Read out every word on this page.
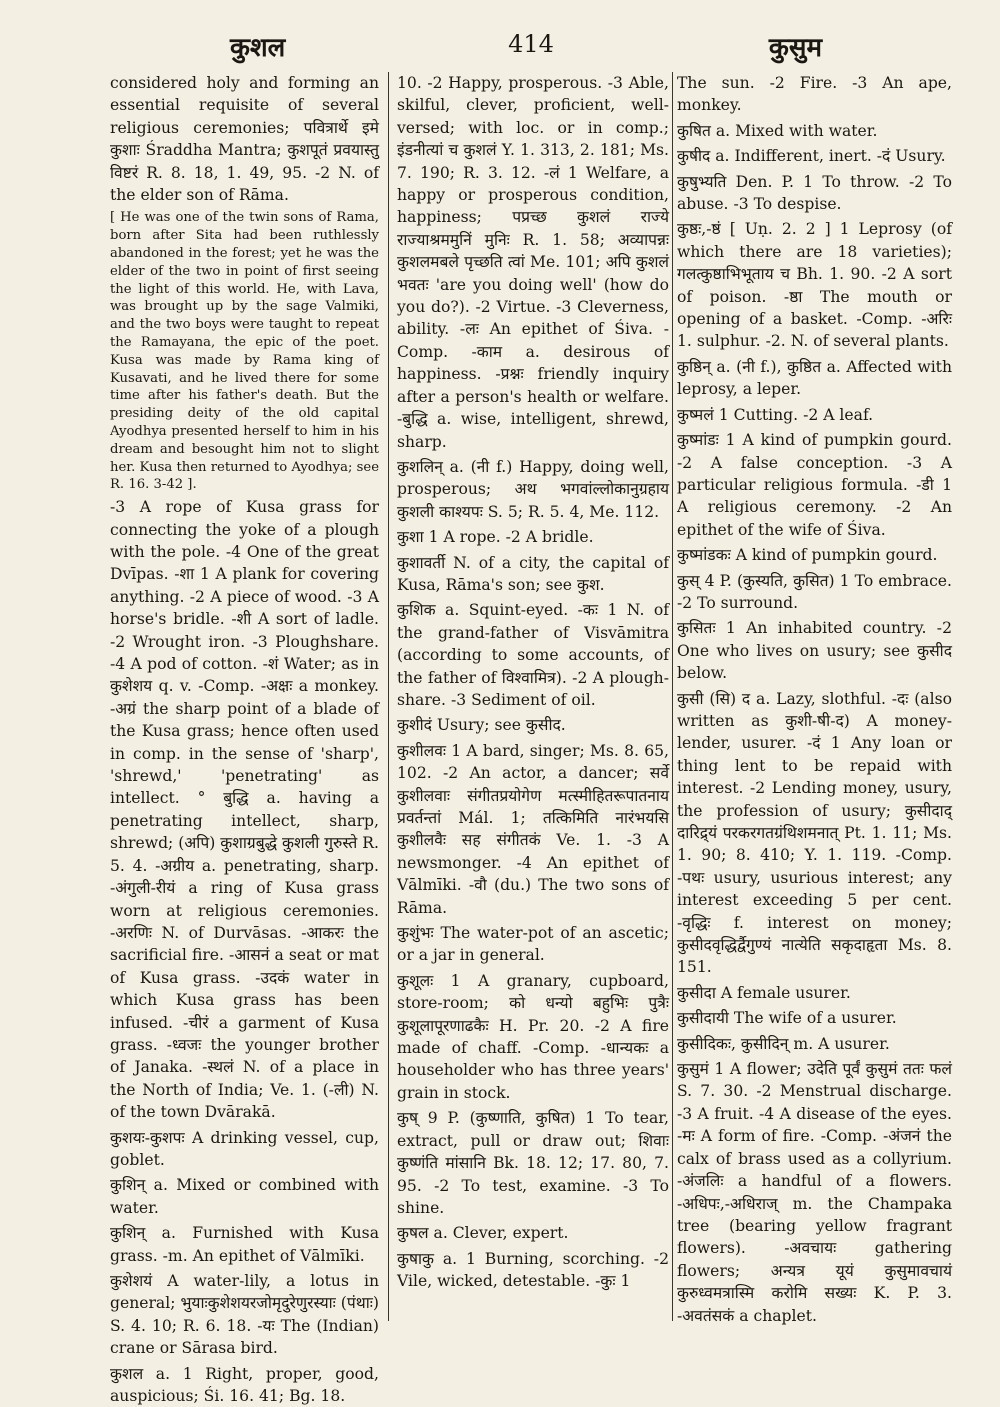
कुशल	414	कुसुम

considered holy and forming an essential requisite of several religious ceremonies; पवित्रार्थे इमे कुशाः Śraddha Mantra; कुशपूतं प्रवयास्तु विष्टरं R. 8. 18, 1. 49, 95. -2 N. of the elder son of Rāma.

[ He was one of the twin sons of Rama, born after Sita had been ruthlessly abandoned in the forest; yet he was the elder of the two in point of first seeing the light of this world. He, with Lava, was brought up by the sage Valmiki, and the two boys were taught to repeat the Ramayana, the epic of the poet. Kusa was made by Rama king of Kusavati, and he lived there for some time after his father's death. But the presiding deity of the old capital Ayodhya presented herself to him in his dream and besought him not to slight her. Kusa then returned to Ayodhya; see R. 16. 3-42 ].

-3 A rope of Kusa grass for connecting the yoke of a plough with the pole. -4 One of the great Dvīpas. -शा 1 A plank for covering anything. -2 A piece of wood. -3 A horse's bridle. -शी A sort of ladle. -2 Wrought iron. -3 Ploughshare. -4 A pod of cotton. -शं Water; as in कुशेशय q. v. -Comp. -अक्षः a monkey. -अग्रं the sharp point of a blade of the Kusa grass; hence often used in comp. in the sense of 'sharp', 'shrewd,' 'penetrating' as intellect. ° बुद्धि a. having a penetrating intellect, sharp, shrewd; (अपि) कुशाग्रबुद्धे कुशली गुरुस्ते R. 5. 4. -अग्रीय a. penetrating, sharp. -अंगुली-रीयं a ring of Kusa grass worn at religious ceremonies. -अरणिः N. of Durvāsas. -आकरः the sacrificial fire. -आसनं a seat or mat of Kusa grass. -उदकं water in which Kusa grass has been infused. -चीरं a garment of Kusa grass. -ध्वजः the younger brother of Janaka. -स्थलं N. of a place in the North of India; Ve. 1. (-ली) N. of the town Dvārakā.

कुशयः-कुशपः A drinking vessel, cup, goblet.

कुशिन् a. Mixed or combined with water.

कुशिन् a. Furnished with Kusa grass. -m. An epithet of Vālmīki.

कुशेशयं A water-lily, a lotus in general; भुयाःकुशेशयरजोमृदुरेणुरस्याः (पंथाः) S. 4. 10; R. 6. 18. -यः The (Indian) crane or Sārasa bird.

कुशल a. 1 Right, proper, good, auspicious; Śi. 16. 41; Bg. 18.

10. -2 Happy, prosperous. -3 Able, skilful, clever, proficient, well-versed; with loc. or in comp.; इंडनीत्यां च कुशलं Y. 1. 313, 2. 181; Ms. 7. 190; R. 3. 12. -लं 1 Welfare, a happy or prosperous condition, happiness; पप्रच्छ कुशलं राज्ये राज्याश्रममुनिं मुनिः R. 1. 58; अव्यापन्नः कुशलमबले पृच्छति त्वां Me. 101; अपि कुशलं भवतः 'are you doing well' (how do you do?). -2 Virtue. -3 Cleverness, ability. -लः An epithet of Śiva. -Comp. -काम a. desirous of happiness. -प्रश्नः friendly inquiry after a person's health or welfare. -बुद्धि a. wise, intelligent, shrewd, sharp.

कुशलिन् a. (नी f.) Happy, doing well, prosperous; अथ भगवांल्लोकानुग्रहाय कुशली काश्यपः S. 5; R. 5. 4, Me. 112.

कुशा 1 A rope. -2 A bridle.

कुशावर्ती N. of a city, the capital of Kusa, Rāma's son; see कुश.

कुशिक a. Squint-eyed. -कः 1 N. of the grand-father of Visvāmitra (according to some accounts, of the father of विश्वामित्र). -2 A plough-share. -3 Sediment of oil.

कुशीदं Usury; see कुसीद.

कुशीलवः 1 A bard, singer; Ms. 8. 65, 102. -2 An actor, a dancer; सर्वे कुशीलवाः संगीतप्रयोगेण मत्स्मीहितरूपातनाय प्रवर्तन्तां Mál. 1; तत्किमिति नारंभयसि कुशीलवैः सह संगीतकं Ve. 1. -3 A newsmonger. -4 An epithet of Vālmīki. -वौ (du.) The two sons of Rāma.

कुशुंभः The water-pot of an ascetic; or a jar in general.

कुशूलः 1 A granary, cupboard, store-room; को धन्यो बहुभिः पुत्रैः कुशूलापूरणाढकैः H. Pr. 20. -2 A fire made of chaff. -Comp. -धान्यकः a householder who has three years' grain in stock.

कुष् 9 P. (कुष्णाति, कुषित) 1 To tear, extract, pull or draw out; शिवाः कुष्णंति मांसानि Bk. 18. 12; 17. 80, 7. 95. -2 To test, examine. -3 To shine.

कुषल a. Clever, expert.

कुषाकु a. 1 Burning, scorching. -2 Vile, wicked, detestable. -कुः 1

The sun. -2 Fire. -3 An ape, monkey.

कुषित a. Mixed with water.

कुषीद a. Indifferent, inert. -दं Usury.

कुषुभ्यति Den. P. 1 To throw. -2 To abuse. -3 To despise.

कुष्ठः,-ष्ठं [ Uṇ. 2. 2 ] 1 Leprosy (of which there are 18 varieties); गलत्कुष्ठाभिभूताय च Bh. 1. 90. -2 A sort of poison. -ष्ठा The mouth or opening of a basket. -Comp. -अरिः 1. sulphur. -2. N. of several plants.

कुष्ठिन् a. (नी f.), कुष्ठित a. Affected with leprosy, a leper.

कुष्मलं 1 Cutting. -2 A leaf.

कुष्मांडः 1 A kind of pumpkin gourd. -2 A false conception. -3 A particular religious formula. -डी 1 A religious ceremony. -2 An epithet of the wife of Śiva.

कुष्मांडकः A kind of pumpkin gourd.

कुस् 4 P. (कुस्यति, कुसित) 1 To embrace. -2 To surround.

कुसितः 1 An inhabited country. -2 One who lives on usury; see कुसीद below.

कुसी (सि) द a. Lazy, slothful. -दः (also written as कुशी-षी-द) A money-lender, usurer. -दं 1 Any loan or thing lent to be repaid with interest. -2 Lending money, usury, the profession of usury; कुसीदाद् दारिद्र्यं परकरगतग्रंथिशमनात् Pt. 1. 11; Ms. 1. 90; 8. 410; Y. 1. 119. -Comp. -पथः usury, usurious interest; any interest exceeding 5 per cent. -वृद्धिः f. interest on money; कुसीदवृद्धिर्द्वैगुण्यं नात्येति सकृदाहृता Ms. 8. 151.

कुसीदा A female usurer.

कुसीदायी The wife of a usurer.

कुसीदिकः, कुसीदिन् m. A usurer.

कुसुमं 1 A flower; उदेति पूर्वं कुसुमं ततः फलं S. 7. 30. -2 Menstrual discharge. -3 A fruit. -4 A disease of the eyes. -मः A form of fire. -Comp. -अंजनं the calx of brass used as a collyrium. -अंजलिः a handful of a flowers. -अधिपः,-अधिराज् m. the Champaka tree (bearing yellow fragrant flowers). -अवचायः gathering flowers; अन्यत्र यूयं कुसुमावचायं कुरुध्वमत्रास्मि करोमि सख्यः K. P. 3. -अवतंसकं a chaplet.
